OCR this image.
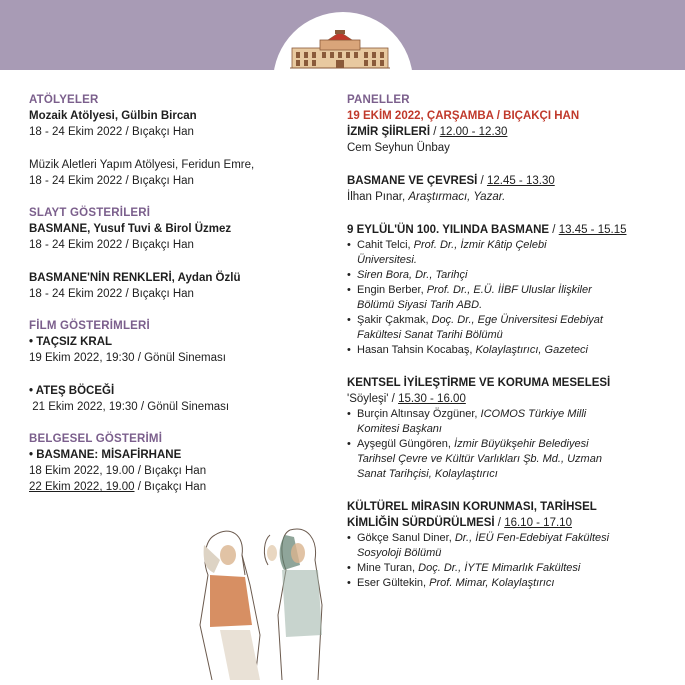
ATÖLYELER
Mozaik Atölyesi, Gülbin Bircan
18 - 24 Ekim 2022 / Bıçakçı Han
Müzik Aletleri Yapım Atölyesi, Feridun Emre,
18 - 24 Ekim 2022 / Bıçakçı Han
SLAYT GÖSTERİLERİ
BASMANE, Yusuf Tuvi & Birol Üzmez
18 - 24 Ekim 2022 / Bıçakçı Han
BASMANE'NİN RENKLERİ, Aydan Özlü
18 - 24 Ekim 2022 / Bıçakçı Han
FİLM GÖSTERİMLERİ
• TAÇSIZ KRAL
19 Ekim 2022, 19:30 / Gönül Sineması
• ATEŞ BÖCEĞİ
21 Ekim 2022, 19:30 / Gönül Sineması
BELGESEL GÖSTERİMİ
• BASMANE: MİSAFİRHANE
18 Ekim 2022, 19.00 / Bıçakçı Han
22 Ekim 2022, 19.00 / Bıçakçı Han
PANELLER
19 EKİM 2022, ÇARŞAMBA / BIÇAKÇI HAN
İZMİR ŞİİRLERİ / 12.00 - 12.30
Cem Seyhun Ünbay
BASMANE VE ÇEVRESİ / 12.45 - 13.30
İlhan Pınar, Araştırmacı, Yazar.
9 EYLÜL'ÜN 100. YILINDA BASMANE / 13.45 - 15.15
• Cahit Telci, Prof. Dr., İzmir Kâtip Çelebi
Üniversitesi.
• Siren Bora, Dr., Tarihçi
• Engin Berber, Prof. Dr., E.Ü. İİBF Uluslar İlişkiler
Bölümü Siyasi Tarih ABD.
• Şakir Çakmak, Doç. Dr., Ege Üniversitesi Edebiyat
Fakültesi Sanat Tarihi Bölümü
• Hasan Tahsin Kocabaş, Kolaylaştırıcı, Gazeteci
KENTSEL İYİLEŞTİRME VE KORUMA MESELESİ
'Söyleşi' / 15.30 - 16.00
• Burçin Altınsay Özgüner, ICOMOS Türkiye Milli
Komitesi Başkanı
• Ayşegül Güngören, İzmir Büyükşehir Belediyesi
Tarihsel Çevre ve Kültür Varlıkları Şb. Md., Uzman
Sanat Tarihçisi, Kolaylaştırıcı
KÜLTÜREL MİRASIN KORUNMASI, TARİHSEL
KİMLİĞİN SÜRDÜRÜLMESİ / 16.10 - 17.10
• Gökçe Sanul Diner, Dr., İEÜ Fen-Edebiyat Fakültesi
Sosyoloji Bölümü
• Mine Turan, Doç. Dr., İYTE Mimarlık Fakültesi
• Eser Gültekin, Prof. Mimar, Kolaylaştırıcı
